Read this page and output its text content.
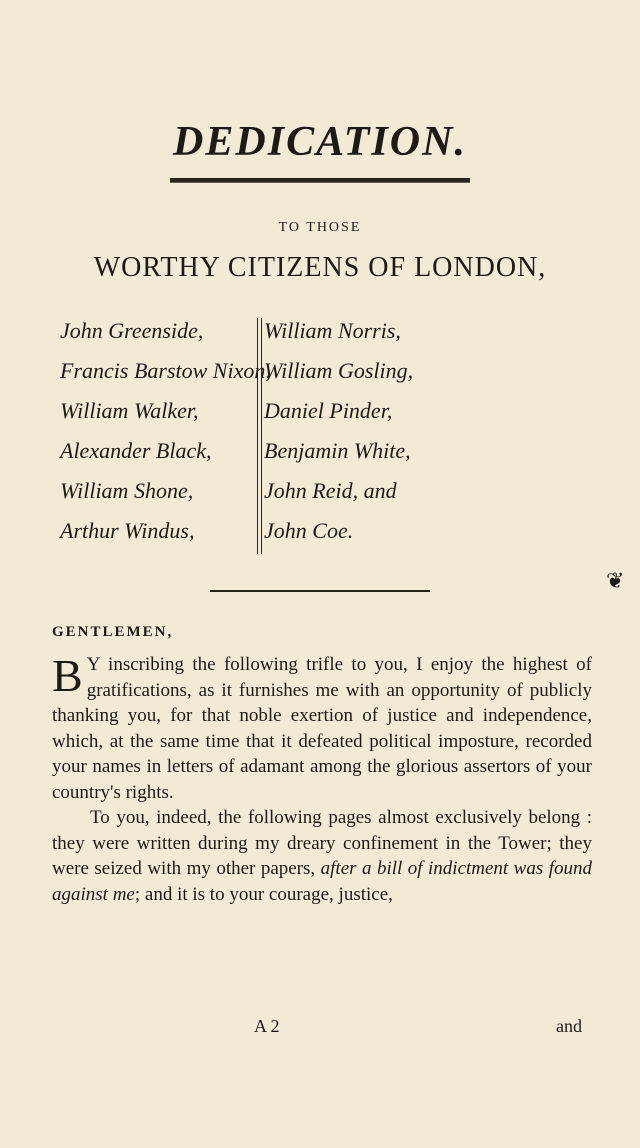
DEDICATION.
TO THOSE
WORTHY CITIZENS OF LONDON,
John Greenside,
Francis Barstow Nixon,
William Walker,
Alexander Black,
William Shone,
Arthur Windus,
William Norris,
William Gosling,
Daniel Pinder,
Benjamin White,
John Reid, and
John Coe.
❦
GENTLEMEN,

B Y inscribing the following trifle to you, I enjoy the highest of gratifications, as it furnishes me with an opportunity of publicly thanking you, for that noble exertion of justice and independence, which, at the same time that it defeated political imposture, recorded your names in letters of adamant among the glorious assertors of your country's rights.

To you, indeed, the following pages almost exclusively belong : they were written during my dreary confinement in the Tower; they were seized with my other papers, after a bill of indictment was found against me; and it is to your courage, justice,

A 2	and
